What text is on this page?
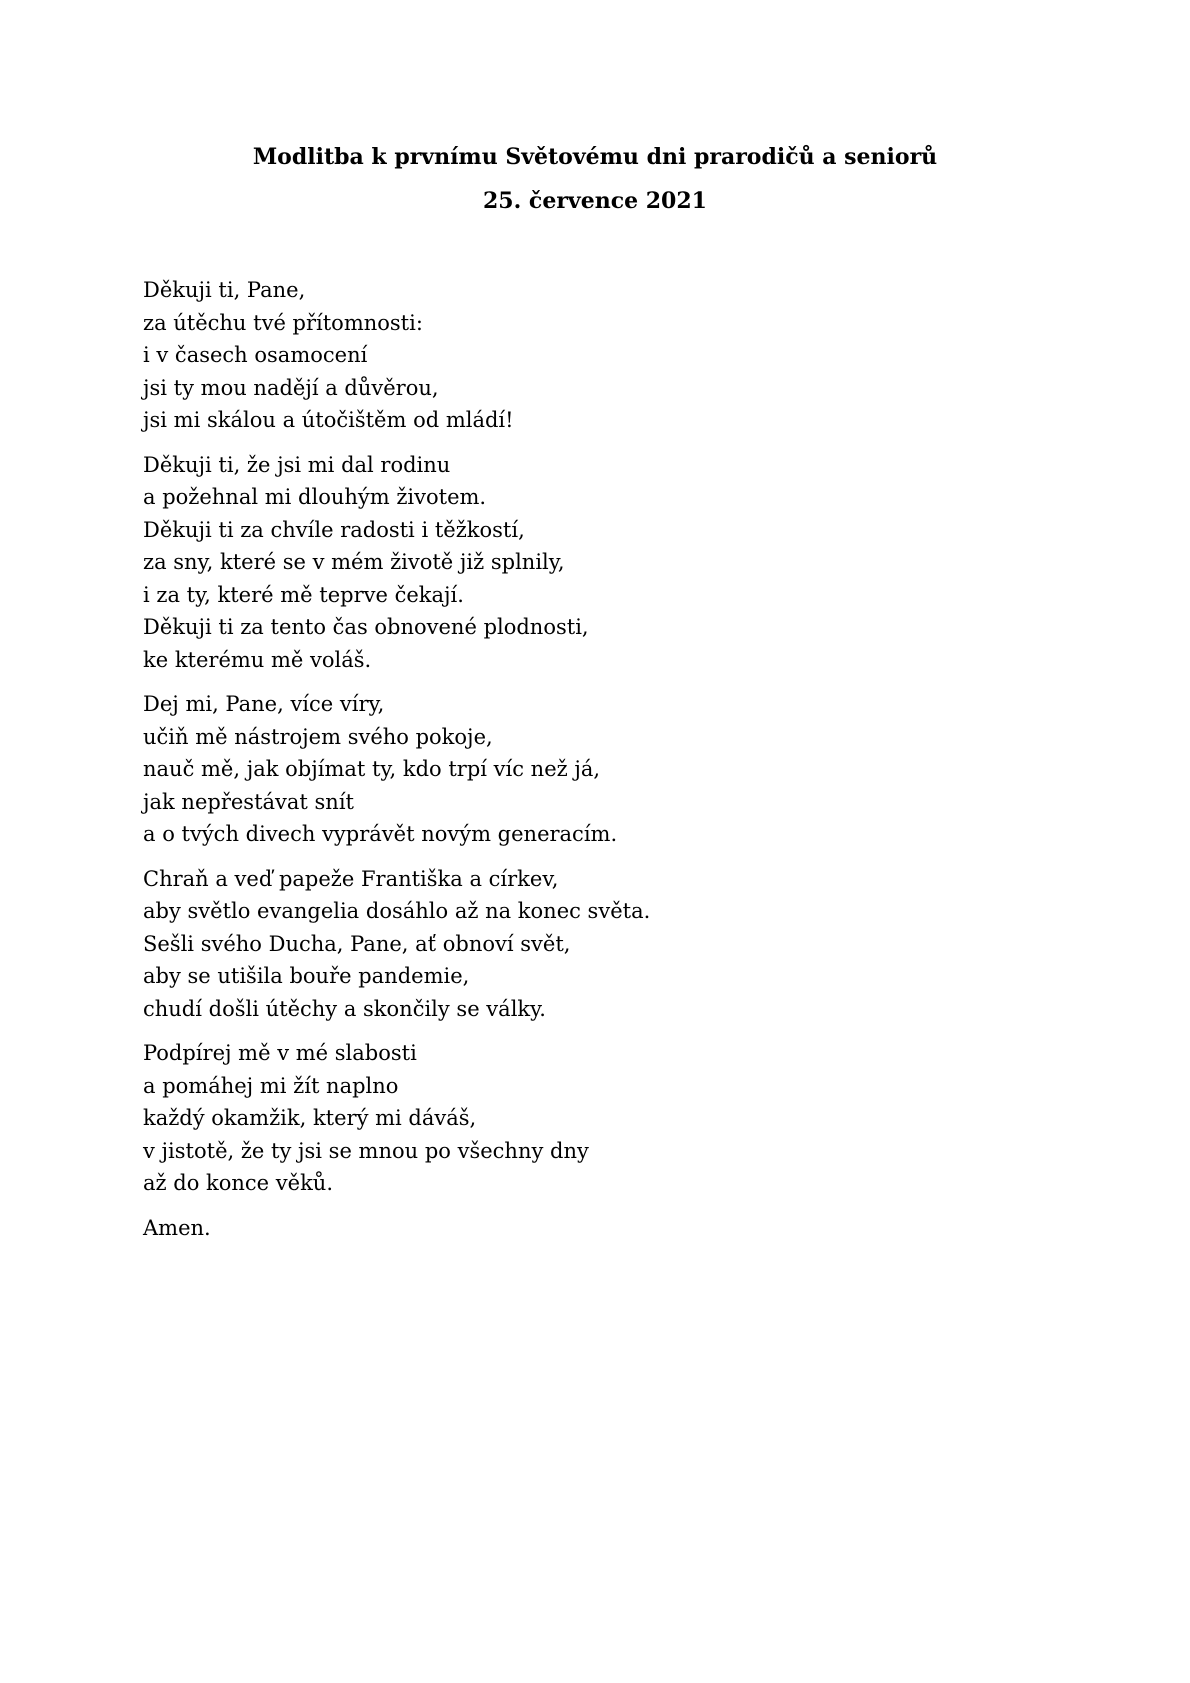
Modlitba k prvnímu Světovému dni prarodičů a seniorů

25. července 2021

Děkuji ti, Pane,
za útěchu tvé přítomnosti:
i v časech osamocení
jsi ty mou nadějí a důvěrou,
jsi mi skálou a útočištěm od mládí!
Děkuji ti, že jsi mi dal rodinu
a požehnal mi dlouhým životem.
Děkuji ti za chvíle radosti i těžkostí,
za sny, které se v mém životě již splnily,
i za ty, které mě teprve čekají.
Děkuji ti za tento čas obnovené plodnosti,
ke kterému mě voláš.
Dej mi, Pane, více víry,
učiň mě nástrojem svého pokoje,
nauč mě, jak objímat ty, kdo trpí víc než já,
jak nepřestávat snít
a o tvých divech vyprávět novým generacím.
Chraň a veď papeže Františka a církev,
aby světlo evangelia dosáhlo až na konec světa.
Sešli svého Ducha, Pane, ať obnoví svět,
aby se utišila bouře pandemie,
chudí došli útěchy a skončily se války.
Podpírej mě v mé slabosti
a pomáhej mi žít naplno
každý okamžik, který mi dáváš,
v jistotě, že ty jsi se mnou po všechny dny
až do konce věků.
Amen.
